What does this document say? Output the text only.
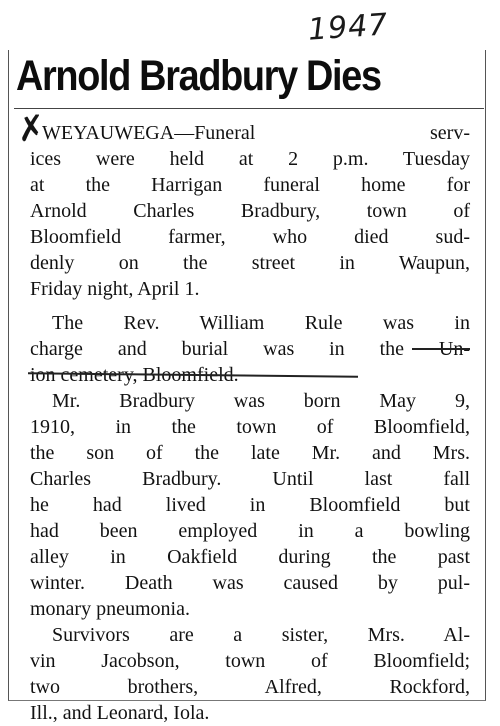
1947
Arnold Bradbury Dies
✗
WEYAUWEGA—Funeral serv-
ices were held at 2 p.m. Tuesday
at the Harrigan funeral home for
Arnold Charles Bradbury, town of
Bloomfield farmer, who died sud-
denly on the street in Waupun,
Friday night, April 1.
The Rev. William Rule was in
charge and burial was in the Un-
ion cemetery, Bloomfield.
Mr. Bradbury was born May 9,
1910, in the town of Bloomfield,
the son of the late Mr. and Mrs.
Charles Bradbury. Until last fall
he had lived in Bloomfield but
had been employed in a bowling
alley in Oakfield during the past
winter. Death was caused by pul-
monary pneumonia.
Survivors are a sister, Mrs. Al-
vin Jacobson, town of Bloomfield;
two brothers, Alfred, Rockford,
Ill., and Leonard, Iola.
